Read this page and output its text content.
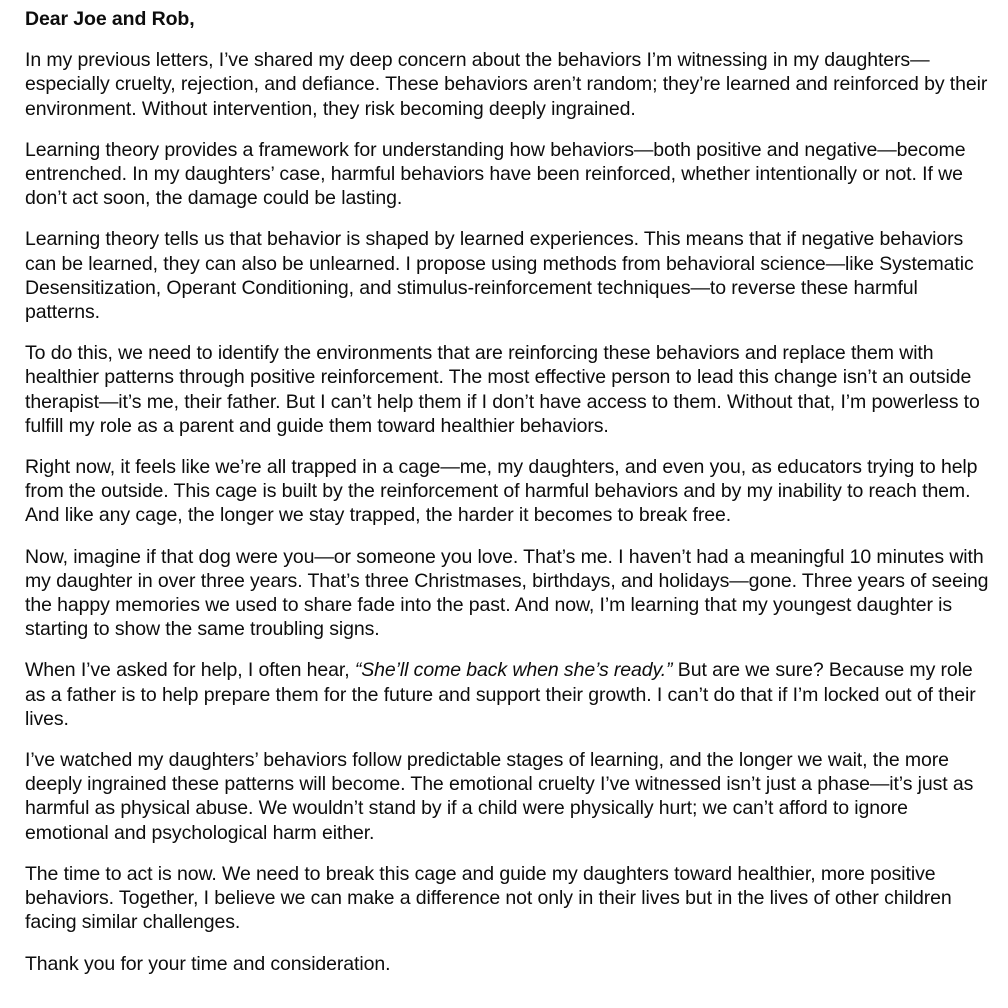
Dear Joe and Rob,
In my previous letters, I’ve shared my deep concern about the behaviors I’m witnessing in my daughters—especially cruelty, rejection, and defiance. These behaviors aren’t random; they’re learned and reinforced by their environment. Without intervention, they risk becoming deeply ingrained.
Learning theory provides a framework for understanding how behaviors—both positive and negative—become entrenched. In my daughters’ case, harmful behaviors have been reinforced, whether intentionally or not. If we don’t act soon, the damage could be lasting.
Learning theory tells us that behavior is shaped by learned experiences. This means that if negative behaviors can be learned, they can also be unlearned. I propose using methods from behavioral science—like Systematic Desensitization, Operant Conditioning, and stimulus-reinforcement techniques—to reverse these harmful patterns.
To do this, we need to identify the environments that are reinforcing these behaviors and replace them with healthier patterns through positive reinforcement. The most effective person to lead this change isn’t an outside therapist—it’s me, their father. But I can’t help them if I don’t have access to them. Without that, I’m powerless to fulfill my role as a parent and guide them toward healthier behaviors.
Right now, it feels like we’re all trapped in a cage—me, my daughters, and even you, as educators trying to help from the outside. This cage is built by the reinforcement of harmful behaviors and by my inability to reach them. And like any cage, the longer we stay trapped, the harder it becomes to break free.
Now, imagine if that dog were you—or someone you love. That’s me. I haven’t had a meaningful 10 minutes with my daughter in over three years. That’s three Christmases, birthdays, and holidays—gone. Three years of seeing the happy memories we used to share fade into the past. And now, I’m learning that my youngest daughter is starting to show the same troubling signs.
When I’ve asked for help, I often hear, “She’ll come back when she’s ready.” But are we sure? Because my role as a father is to help prepare them for the future and support their growth. I can’t do that if I’m locked out of their lives.
I’ve watched my daughters’ behaviors follow predictable stages of learning, and the longer we wait, the more deeply ingrained these patterns will become. The emotional cruelty I’ve witnessed isn’t just a phase—it’s just as harmful as physical abuse. We wouldn’t stand by if a child were physically hurt; we can’t afford to ignore emotional and psychological harm either.
The time to act is now. We need to break this cage and guide my daughters toward healthier, more positive behaviors. Together, I believe we can make a difference not only in their lives but in the lives of other children facing similar challenges.
Thank you for your time and consideration.
